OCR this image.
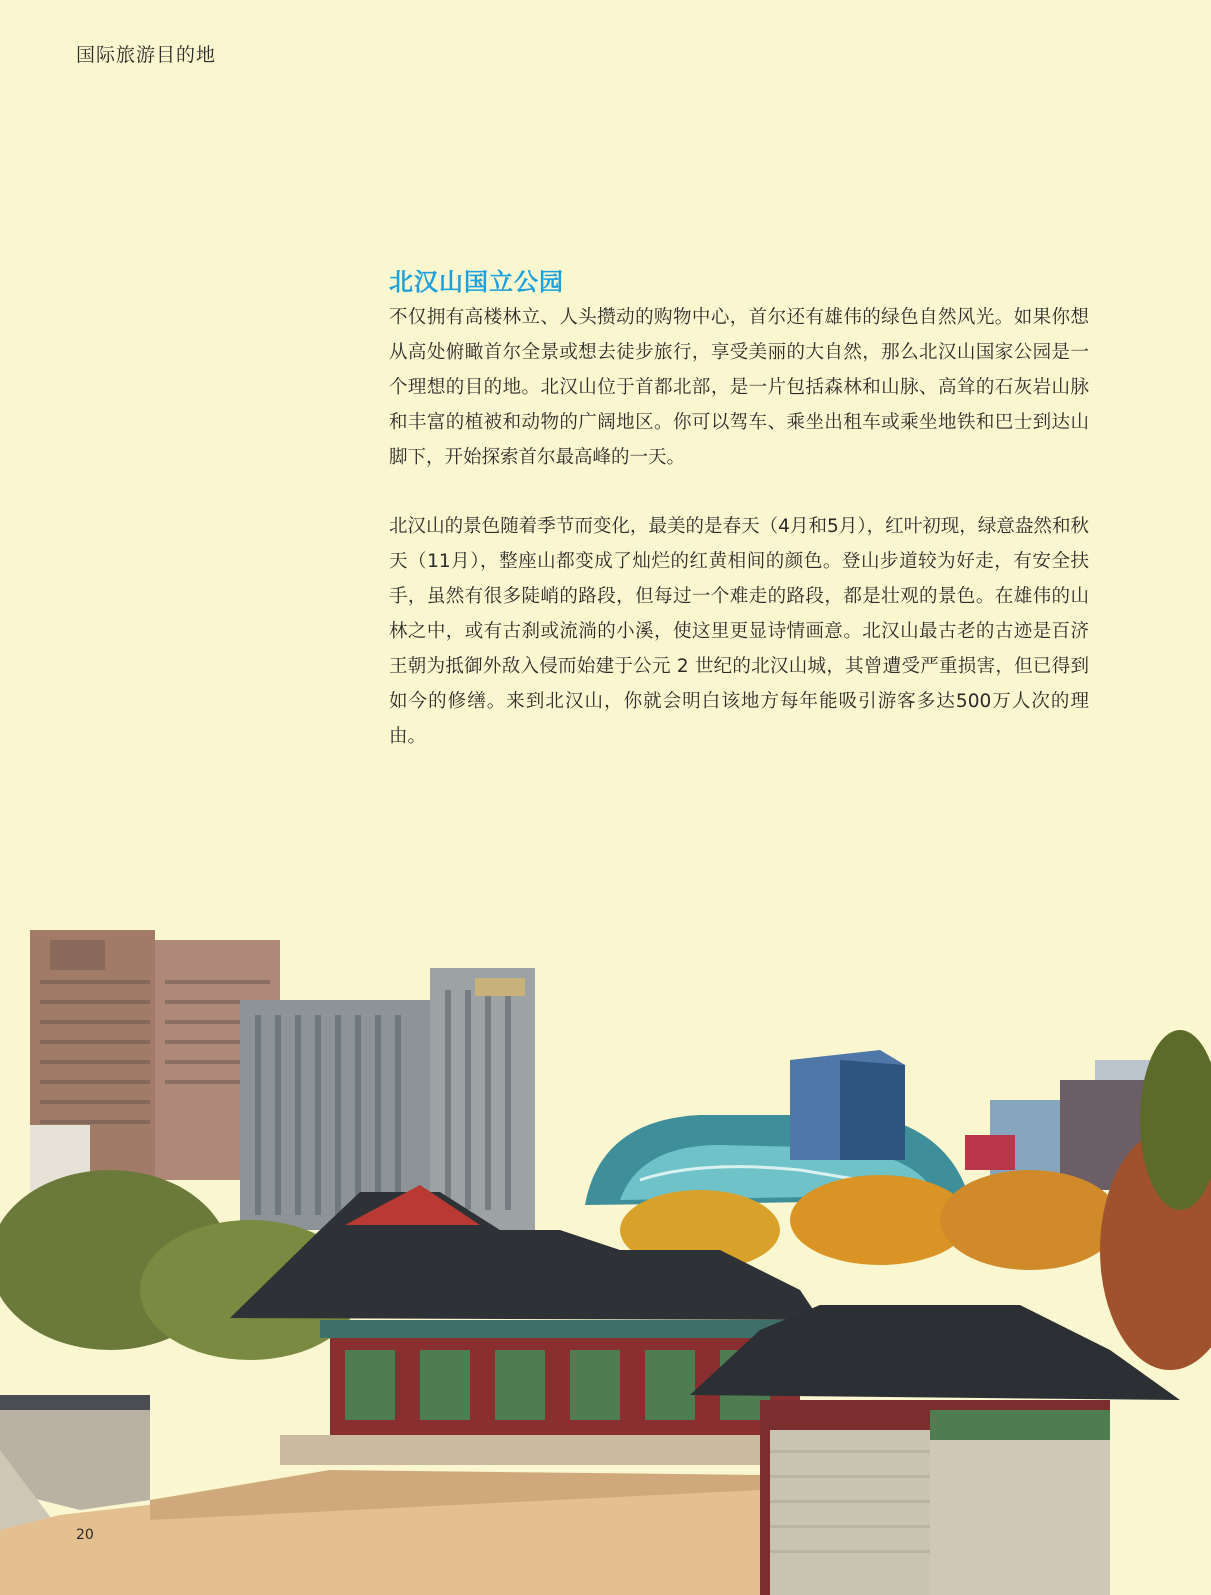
国际旅游目的地
北汉山国立公园

不仅拥有高楼林立、人头攒动的购物中心，首尔还有雄伟的绿色自然风光。如果你想从高处俯瞰首尔全景或想去徒步旅行，享受美丽的大自然，那么北汉山国家公园是一个理想的目的地。北汉山位于首都北部，是一片包括森林和山脉、高耸的石灰岩山脉和丰富的植被和动物的广阔地区。你可以驾车、乘坐出租车或乘坐地铁和巴士到达山脚下，开始探索首尔最高峰的一天。

北汉山的景色随着季节而变化，最美的是春天（4月和5月），红叶初现，绿意盎然和秋天（11月），整座山都变成了灿烂的红黄相间的颜色。登山步道较为好走，有安全扶手，虽然有很多陡峭的路段，但每过一个难走的路段，都是壮观的景色。在雄伟的山林之中，或有古刹或流淌的小溪，使这里更显诗情画意。北汉山最古老的古迹是百济王朝为抵御外敌入侵而始建于公元 2 世纪的北汉山城，其曾遭受严重损害，但已得到如今的修缮。来到北汉山，你就会明白该地方每年能吸引游客多达500万人次的理由。

20
